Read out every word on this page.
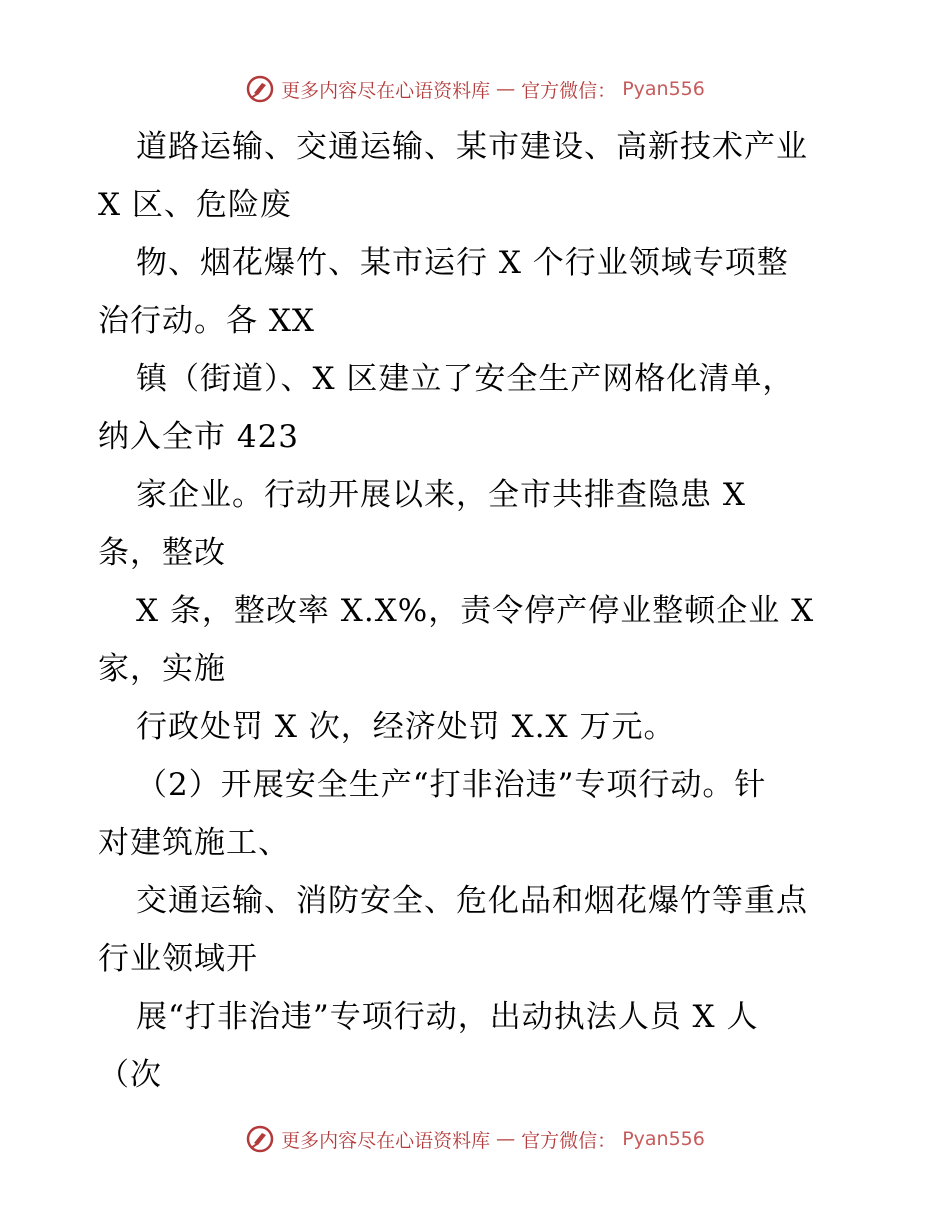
更多内容尽在心语资料库 — 官方微信： Pyan556
道路运输、交通运输、某市建设、高新技术产业
X 区、危险废
物、烟花爆竹、某市运行 X 个行业领域专项整
治行动。各 XX
镇（街道）、X 区建立了安全生产网格化清单，
纳入全市 423
家企业。行动开展以来，全市共排查隐患 X
条，整改
X 条，整改率 X.X%，责令停产停业整顿企业 X
家，实施
行政处罚 X 次，经济处罚 X.X 万元。
（2）开展安全生产“打非治违”专项行动。针
对建筑施工、
交通运输、消防安全、危化品和烟花爆竹等重点
行业领域开
展“打非治违”专项行动，出动执法人员 X 人
（次
更多内容尽在心语资料库 — 官方微信： Pyan556
